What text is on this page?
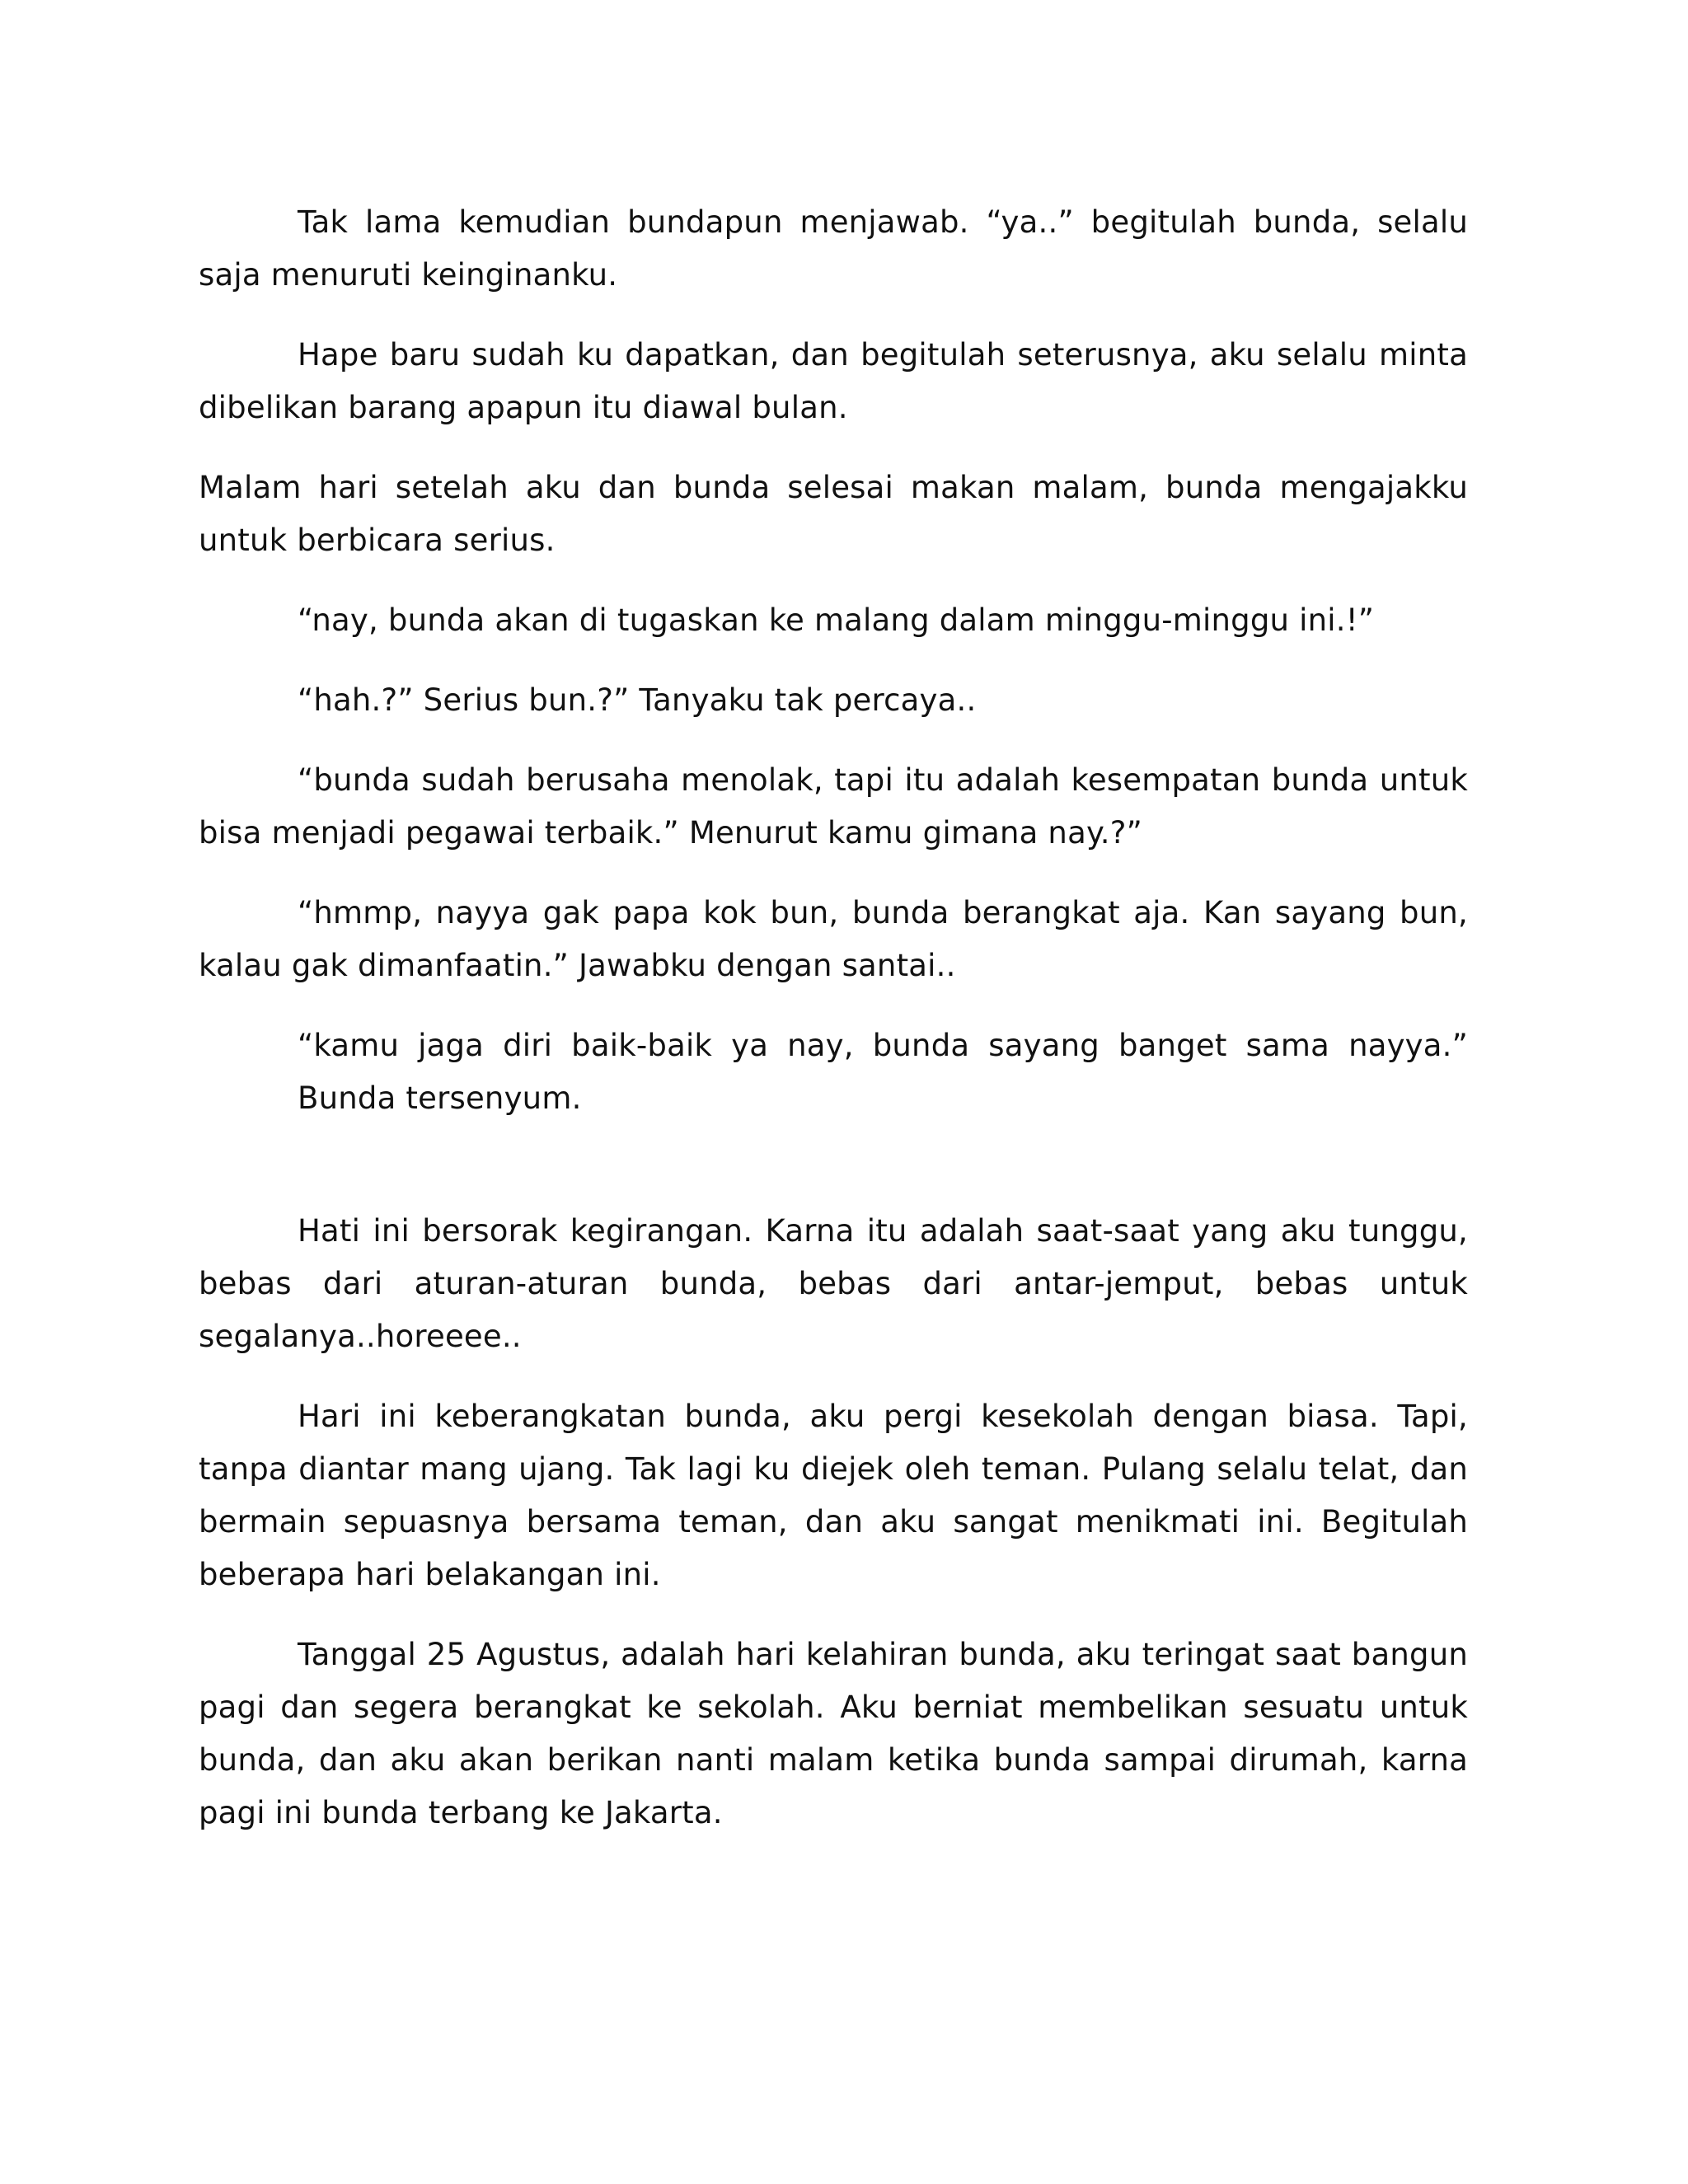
Tak lama kemudian bundapun menjawab. “ya..” begitulah bunda, selalu saja menuruti keinginanku.

Hape baru sudah ku dapatkan, dan begitulah seterusnya, aku selalu minta dibelikan barang apapun itu diawal bulan.

Malam hari setelah aku dan bunda selesai makan malam, bunda mengajakku untuk berbicara serius.

“nay, bunda akan di tugaskan ke malang dalam minggu-minggu ini.!”

“hah.?” Serius bun.?” Tanyaku tak percaya..

“bunda sudah berusaha menolak, tapi itu adalah kesempatan bunda untuk bisa menjadi pegawai terbaik.” Menurut kamu gimana nay.?”

“hmmp, nayya gak papa kok bun, bunda berangkat aja. Kan sayang bun, kalau gak dimanfaatin.” Jawabku dengan santai..

“kamu jaga diri baik-baik ya nay, bunda sayang banget sama nayya.” Bunda tersenyum.

Hati ini bersorak kegirangan. Karna itu adalah saat-saat yang aku tunggu, bebas dari aturan-aturan bunda, bebas dari antar-jemput, bebas untuk segalanya..horeeee..

Hari ini keberangkatan bunda, aku pergi kesekolah dengan biasa. Tapi, tanpa diantar mang ujang. Tak lagi ku diejek oleh teman. Pulang selalu telat, dan bermain sepuasnya bersama teman, dan aku sangat menikmati ini. Begitulah beberapa hari belakangan ini.

Tanggal 25 Agustus, adalah hari kelahiran bunda, aku teringat saat bangun pagi dan segera berangkat ke sekolah. Aku berniat membelikan sesuatu untuk bunda, dan aku akan berikan nanti malam ketika bunda sampai dirumah, karna pagi ini bunda terbang ke Jakarta.
